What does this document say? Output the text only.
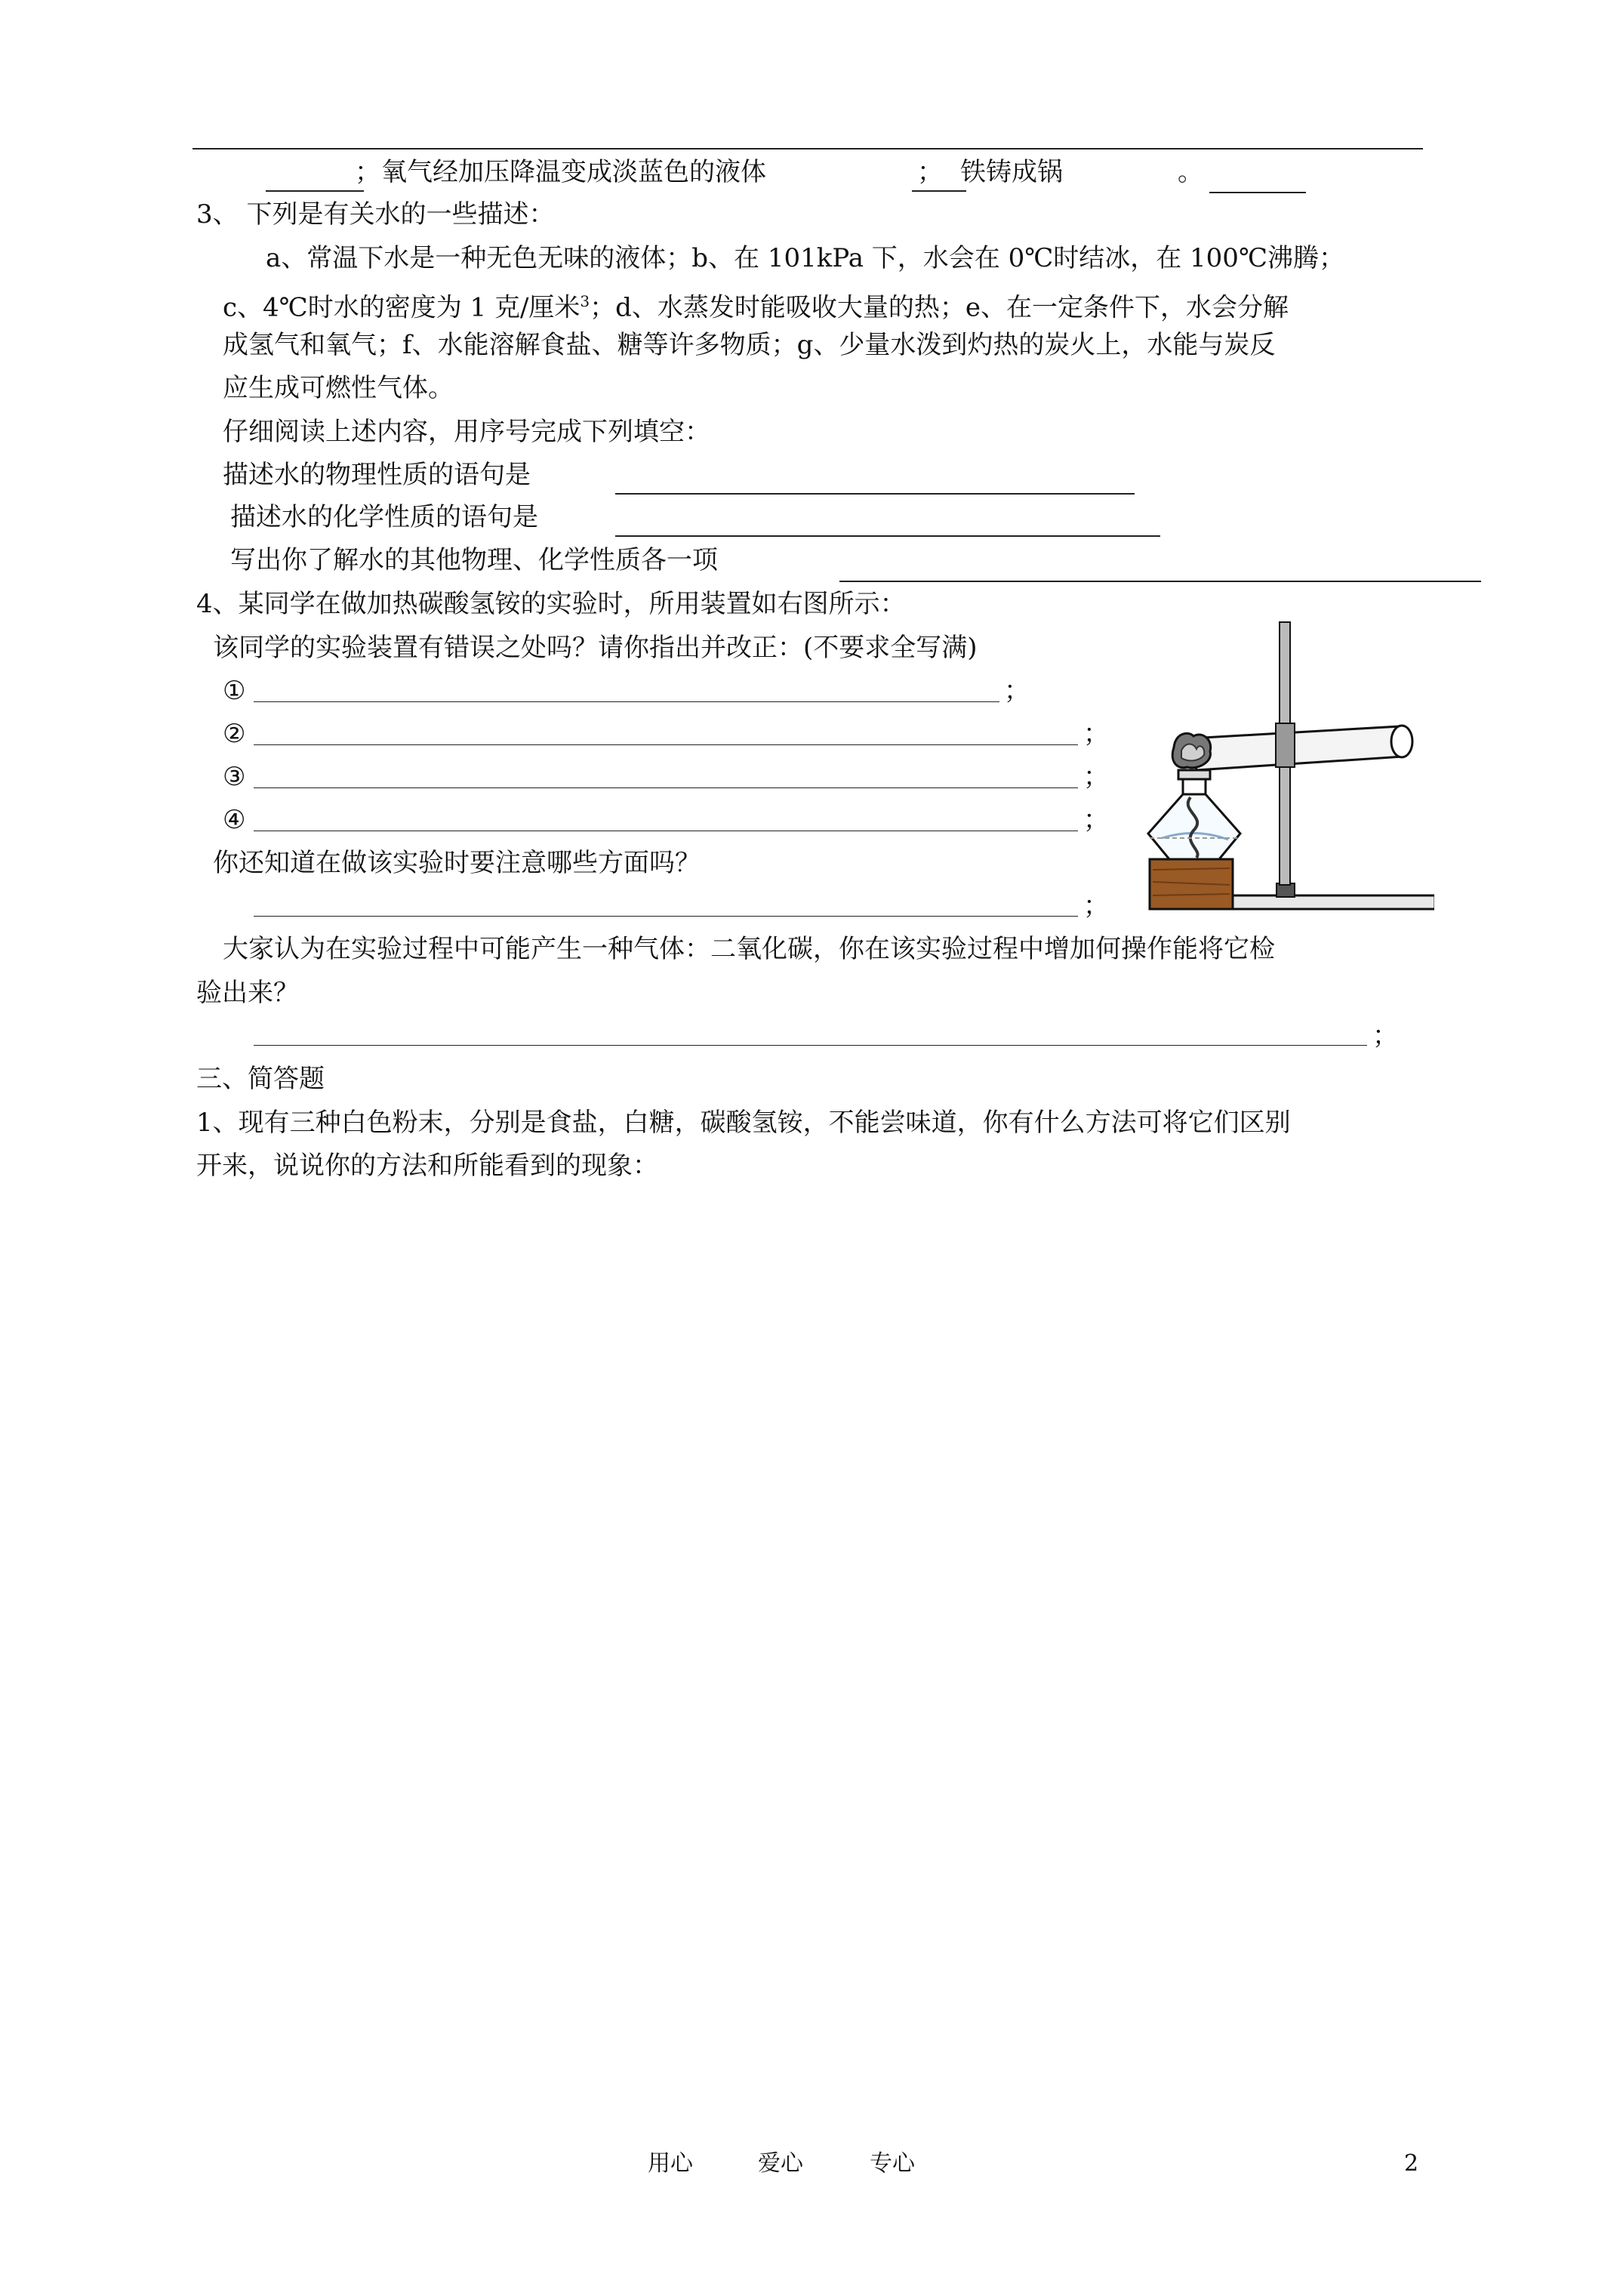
； 氧气经加压降温变成淡蓝色的液体	； 铁铸成锅	。
3、 下列是有关水的一些描述：
a、常温下水是一种无色无味的液体；b、在 101kPa 下，水会在 0℃时结冰，在 100℃沸腾；
c、4℃时水的密度为 1 克/厘米$^3$；d、水蒸发时能吸收大量的热；e、在一定条件下，水会分解
成氢气和氧气；f、水能溶解食盐、糖等许多物质；g、少量水泼到灼热的炭火上，水能与炭反
应生成可燃性气体。
仔细阅读上述内容，用序号完成下列填空：
描述水的物理性质的语句是
描述水的化学性质的语句是
写出你了解水的其他物理、化学性质各一项
4、某同学在做加热碳酸氢铵的实验时，所用装置如右图所示：
该同学的实验装置有错误之处吗？请你指出并改正：(不要求全写满)
①	；
②	；
③	；
④	；
你还知道在做该实验时要注意哪些方面吗？
；
大家认为在实验过程中可能产生一种气体：二氧化碳，你在该实验过程中增加何操作能将它检
验出来？
；
三、简答题
1、现有三种白色粉末，分别是食盐，白糖，碳酸氢铵，不能尝味道，你有什么方法可将它们区别
开来，说说你的方法和所能看到的现象：
用心	爱心	专心	2
